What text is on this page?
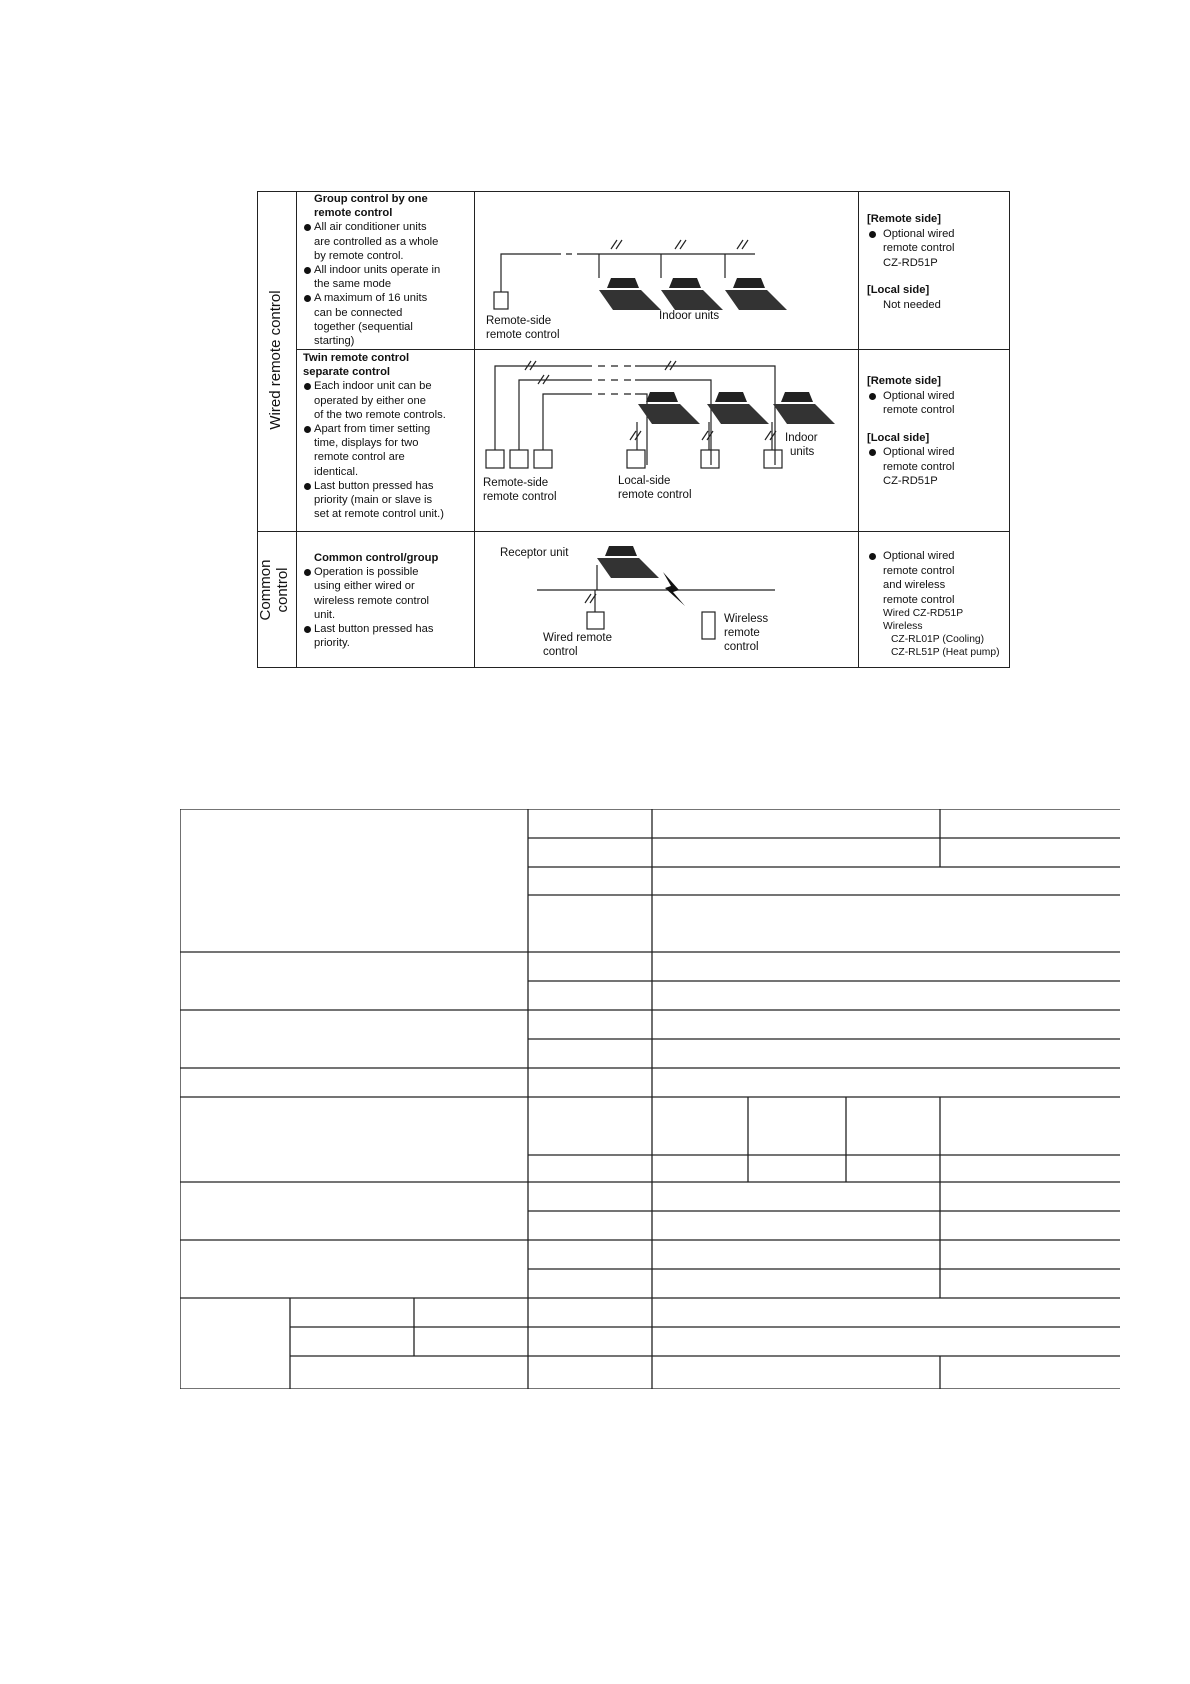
Wired remote control
Common control
Group control by one
remote control
All air conditioner units
are controlled as a whole
by remote control.
All indoor units operate in
the same mode
A maximum of 16 units
can be connected
together (sequential
starting)
Remote-side
remote control
Indoor units
[Remote side]
Optional wired
remote control
CZ-RD51P
[Local side]
Not needed
Twin remote control
separate control
Each indoor unit can be
operated by either one
of the two remote controls.
Apart from timer setting
time, displays for two
remote control are
identical.
Last button pressed has
priority (main or slave is
set at remote control unit.)
Remote-side
remote control
Local-side
remote control
Indoor
units
[Remote side]
Optional wired
remote control
[Local side]
Optional wired
remote control
CZ-RD51P
Common control/group
Operation is possible
using either wired or
wireless remote control
unit.
Last button pressed has
priority.
Receptor unit
Wired remote
control
Wireless
remote
control
Optional wired
remote control
and wireless
remote control
Wired CZ-RD51P
Wireless
CZ-RL01P (Cooling)
CZ-RL51P (Heat pump)
